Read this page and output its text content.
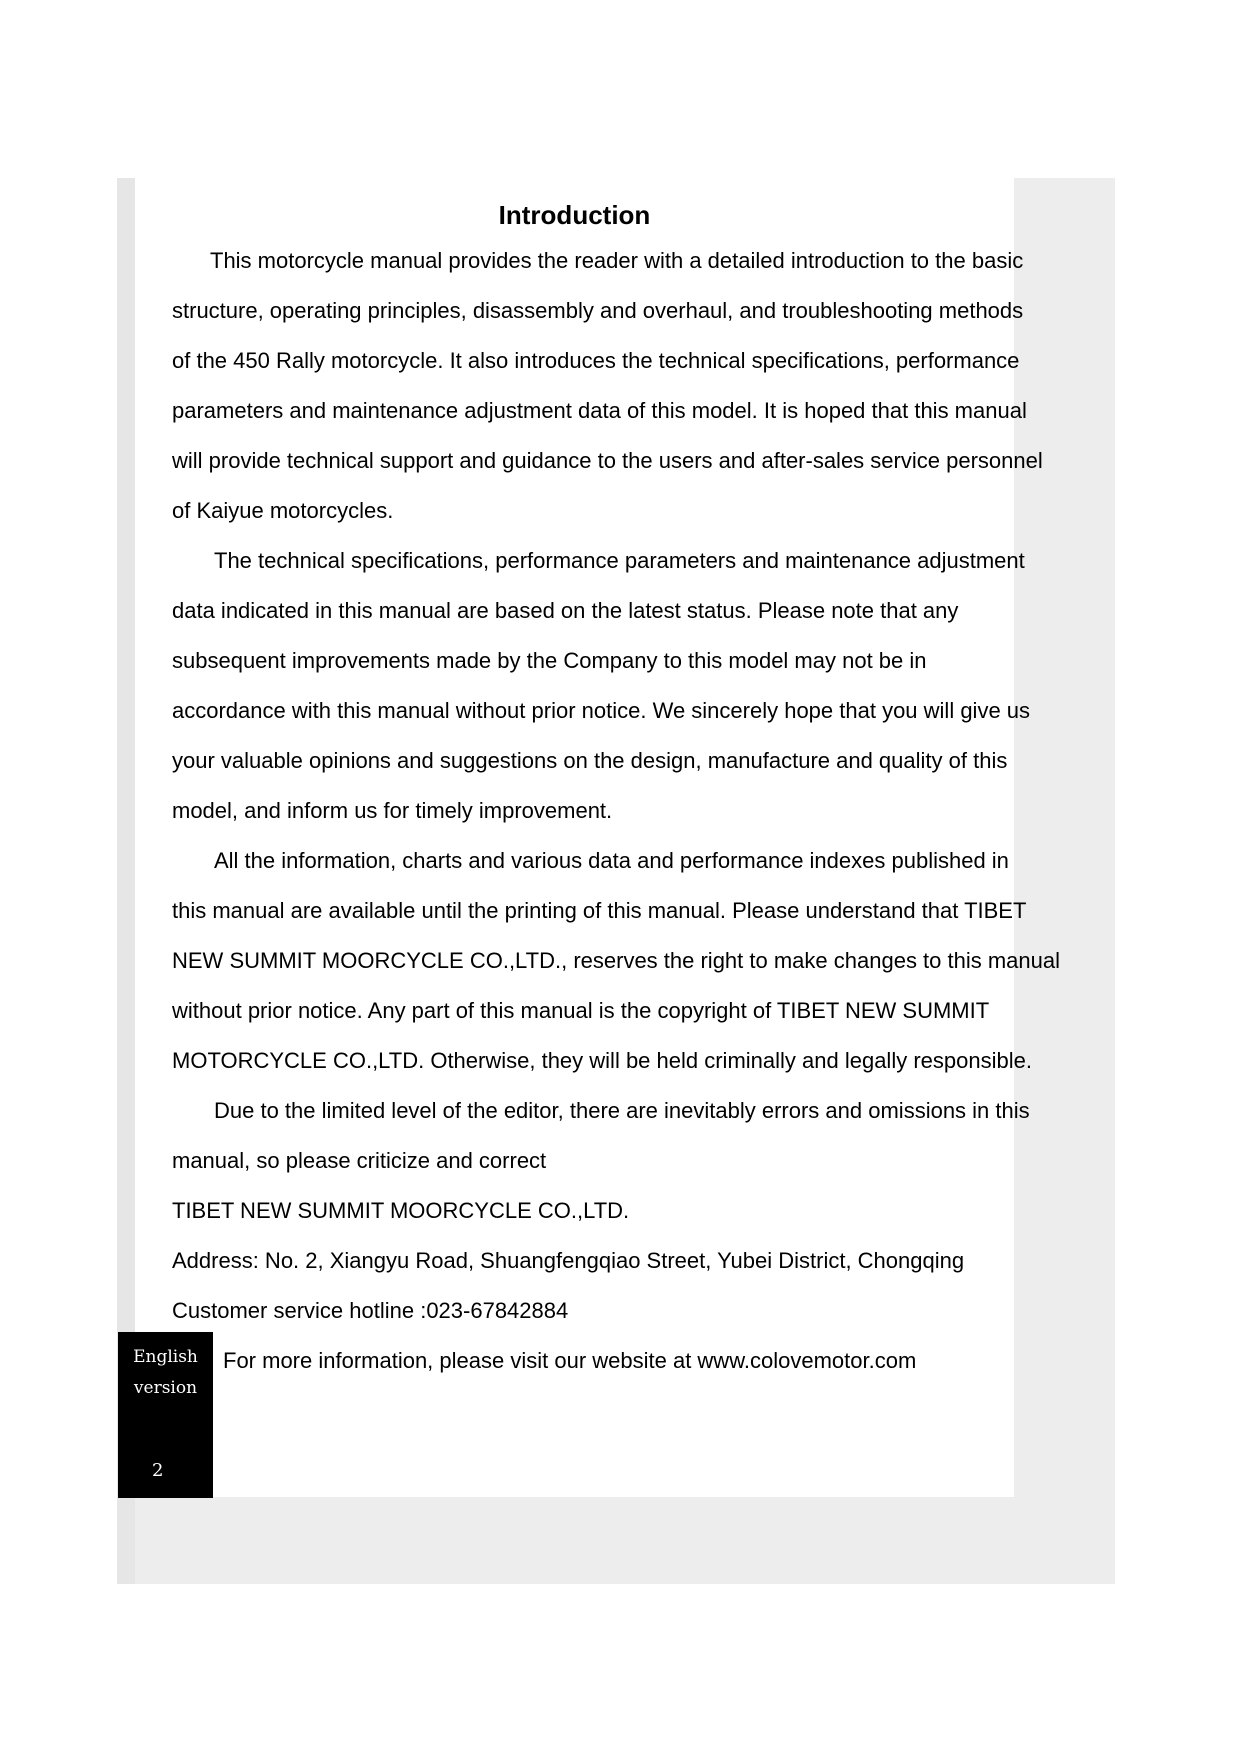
Introduction
This motorcycle manual provides the reader with a detailed introduction to the basic
structure, operating principles, disassembly and overhaul, and troubleshooting methods
of the 450 Rally motorcycle. It also introduces the technical specifications, performance
parameters and maintenance adjustment data of this model. It is hoped that this manual
will provide technical support and guidance to the users and after-sales service personnel
of Kaiyue motorcycles.
The technical specifications, performance parameters and maintenance adjustment
data indicated in this manual are based on the latest status. Please note that any
subsequent improvements made by the Company to this model may not be in
accordance with this manual without prior notice. We sincerely hope that you will give us
your valuable opinions and suggestions on the design, manufacture and quality of this
model, and inform us for timely improvement.
All the information, charts and various data and performance indexes published in
this manual are available until the printing of this manual. Please understand that TIBET
NEW SUMMIT MOORCYCLE CO.,LTD., reserves the right to make changes to this manual
without prior notice. Any part of this manual is the copyright of TIBET NEW SUMMIT
MOTORCYCLE CO.,LTD. Otherwise, they will be held criminally and legally responsible.
Due to the limited level of the editor, there are inevitably errors and omissions in this
manual, so please criticize and correct
TIBET NEW SUMMIT MOORCYCLE CO.,LTD.
Address: No. 2, Xiangyu Road, Shuangfengqiao Street, Yubei District, Chongqing
Customer service hotline :023-67842884
For more information, please visit our website at www.colovemotor.com
English
version
2
